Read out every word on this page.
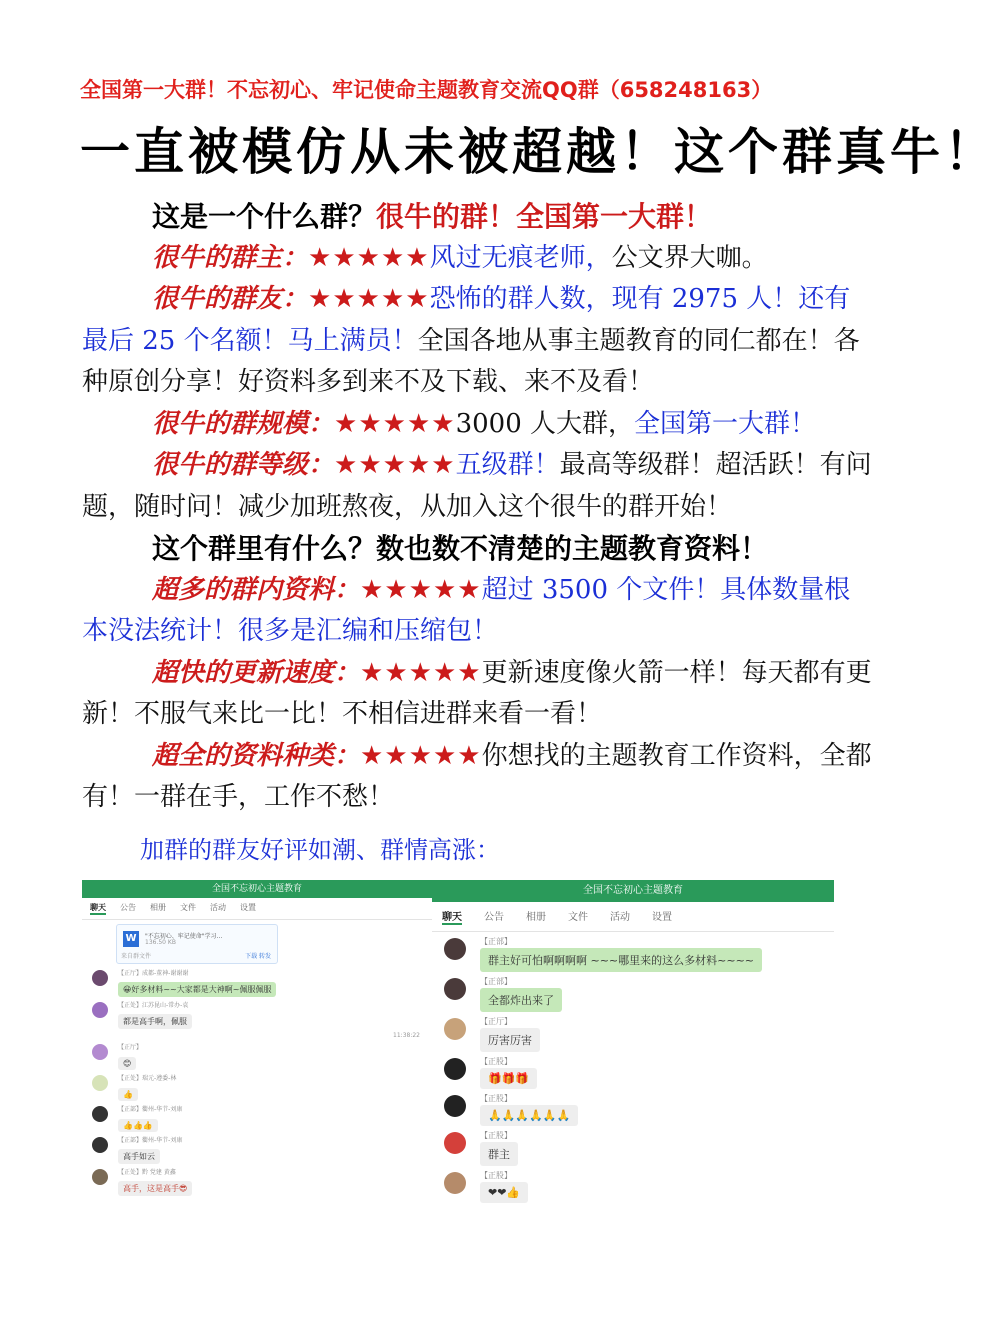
全国第一大群！不忘初心、牢记使命主题教育交流QQ群（658248163）
一直被模仿从未被超越！这个群真牛！

这是一个什么群？很牛的群！全国第一大群！

很牛的群主：★★★★★风过无痕老师，公文界大咖。

很牛的群友：★★★★★恐怖的群人数，现有 2975 人！还有最后 25 个名额！马上满员！全国各地从事主题教育的同仁都在！各种原创分享！好资料多到来不及下载、来不及看！

很牛的群规模：★★★★★3000 人大群，全国第一大群！

很牛的群等级：★★★★★五级群！最高等级群！超活跃！有问题，随时问！减少加班熬夜，从加入这个很牛的群开始！

这个群里有什么？数也数不清楚的主题教育资料！

超多的群内资料：★★★★★超过 3500 个文件！具体数量根本没法统计！很多是汇编和压缩包！

超快的更新速度：★★★★★更新速度像火箭一样！每天都有更新！不服气来比一比！不相信进群来看一看！

超全的资料种类：★★★★★你想找的主题教育工作资料，全都有！一群在手，工作不愁！

加群的群友好评如潮、群情高涨：
全国不忘初心主题教育
聊天 公告 相册 文件 活动 设置
W	"不忘初心、牢记使命"学习...
136.50 KB
来自群文件	下载 转发
【正厅】成都-董神-谢谢谢
😀好多材料~~大家都是大神啊~佩服佩服
【正处】江苏昆山-常办-袁
都是高手啊，佩服
11:38:22
【正厅】
😊
【正处】瑞元-遵委-林
👍
【正部】衢州-华节-刘康
👍👍👍
【正部】衢州-华节-刘康
高手如云
【正处】黔 党建 黄鑫
高手，这是高手😎
全国不忘初心主题教育
聊天 公告 相册 文件 活动 设置
【正部】
群主好可怕啊啊啊啊 ~~~哪里来的这么多材料~~~~
【正部】
全都炸出来了
【正厅】
厉害厉害
【正股】
🎁🎁🎁
【正股】
🙏🙏🙏🙏🙏🙏
【正股】
群主
【正股】
❤❤👍
